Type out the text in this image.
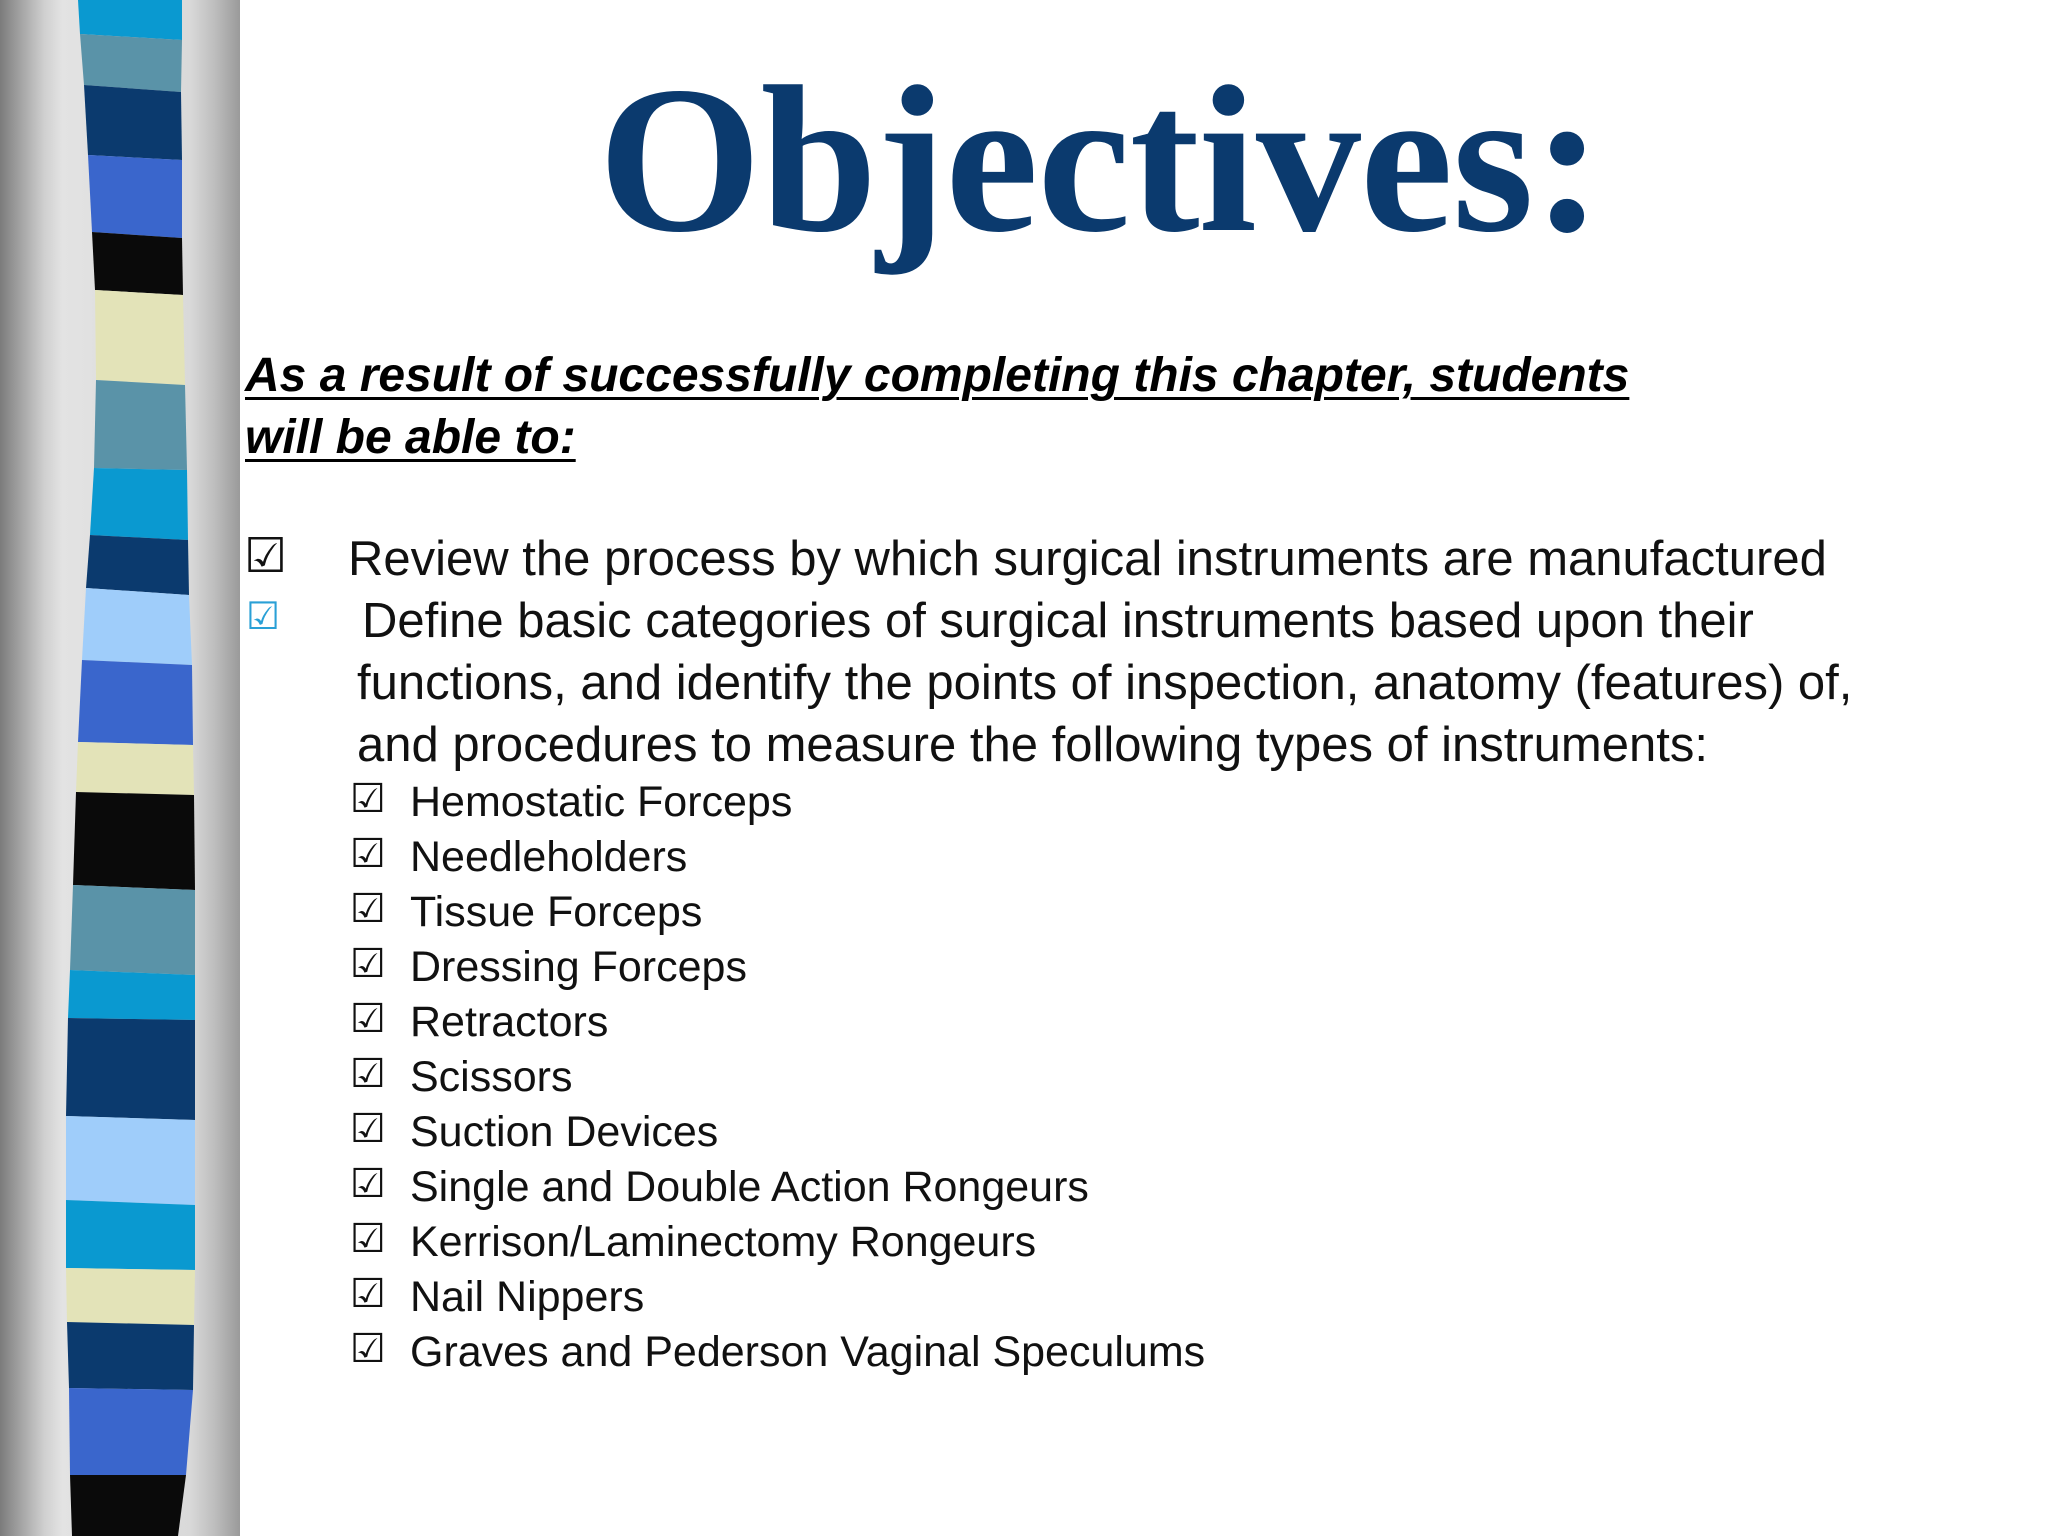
Objectives:
As a result of successfully completing this chapter, students
will be able to:
☑ Review the process by which surgical instruments are manufactured
☑ Define basic categories of surgical instruments based upon their
functions, and identify the points of inspection, anatomy (features) of,
and procedures to measure the following types of instruments:
☑ Hemostatic Forceps
☑ Needleholders
☑ Tissue Forceps
☑ Dressing Forceps
☑ Retractors
☑ Scissors
☑ Suction Devices
☑ Single and Double Action Rongeurs
☑ Kerrison/Laminectomy Rongeurs
☑ Nail Nippers
☑ Graves and Pederson Vaginal Speculums
